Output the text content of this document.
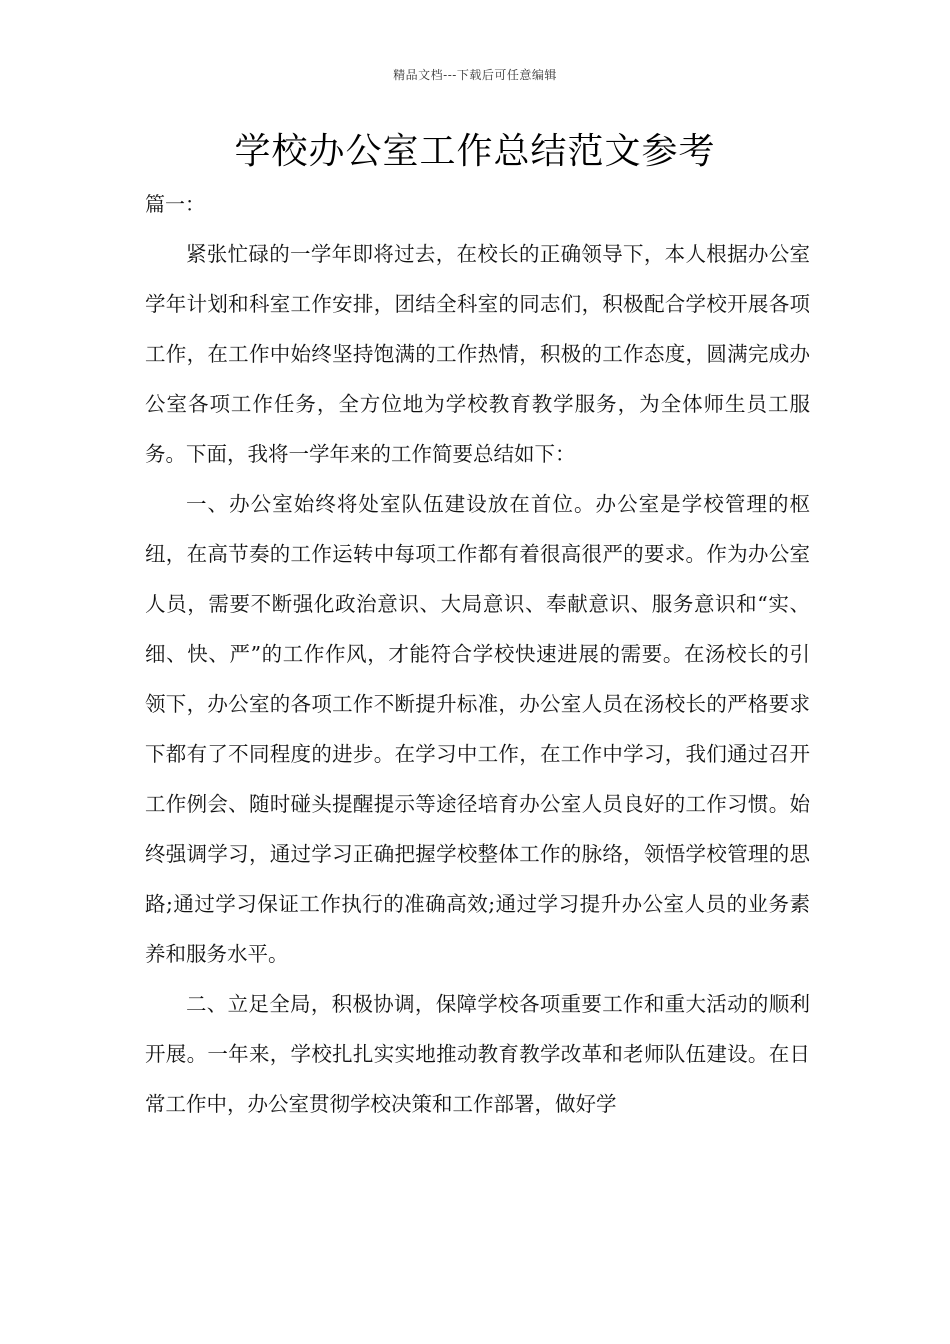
精品文档---下载后可任意编辑
学校办公室工作总结范文参考

篇一：

紧张忙碌的一学年即将过去，在校长的正确领导下，本人根据办公室学年计划和科室工作安排，团结全科室的同志们，积极配合学校开展各项工作，在工作中始终坚持饱满的工作热情，积极的工作态度，圆满完成办公室各项工作任务，全方位地为学校教育教学服务，为全体师生员工服务。下面，我将一学年来的工作简要总结如下：

一、办公室始终将处室队伍建设放在首位。办公室是学校管理的枢纽，在高节奏的工作运转中每项工作都有着很高很严的要求。作为办公室人员，需要不断强化政治意识、大局意识、奉献意识、服务意识和“实、细、快、严”的工作作风，才能符合学校快速进展的需要。在汤校长的引领下，办公室的各项工作不断提升标准，办公室人员在汤校长的严格要求下都有了不同程度的进步。在学习中工作，在工作中学习，我们通过召开工作例会、随时碰头提醒提示等途径培育办公室人员良好的工作习惯。始终强调学习，通过学习正确把握学校整体工作的脉络，领悟学校管理的思路;通过学习保证工作执行的准确高效;通过学习提升办公室人员的业务素养和服务水平。

二、立足全局，积极协调，保障学校各项重要工作和重大活动的顺利开展。一年来，学校扎扎实实地推动教育教学改革和老师队伍建设。在日常工作中，办公室贯彻学校决策和工作部署，做好学
